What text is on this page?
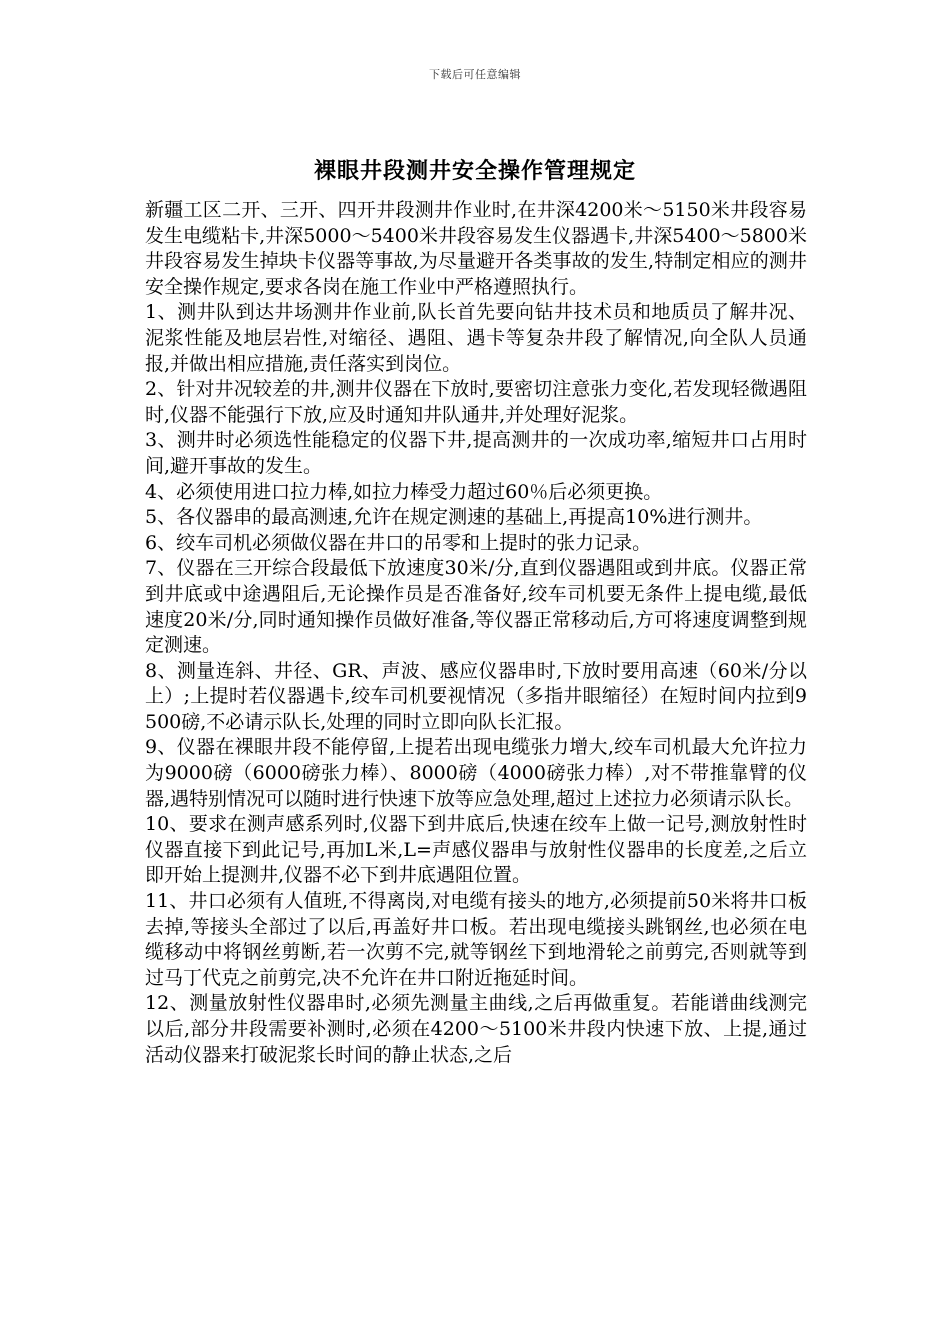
下载后可任意编辑
裸眼井段测井安全操作管理规定

新疆工区二开、三开、四开井段测井作业时,在井深4200米～5150米井段容易发生电缆粘卡,井深5000～5400米井段容易发生仪器遇卡,井深5400～5800米井段容易发生掉块卡仪器等事故,为尽量避开各类事故的发生,特制定相应的测井安全操作规定,要求各岗在施工作业中严格遵照执行。

1、测井队到达井场测井作业前,队长首先要向钻井技术员和地质员了解井况、泥浆性能及地层岩性,对缩径、遇阻、遇卡等复杂井段了解情况,向全队人员通报,并做出相应措施,责任落实到岗位。

2、针对井况较差的井,测井仪器在下放时,要密切注意张力变化,若发现轻微遇阻时,仪器不能强行下放,应及时通知井队通井,并处理好泥浆。

3、测井时必须选性能稳定的仪器下井,提高测井的一次成功率,缩短井口占用时间,避开事故的发生。

4、必须使用进口拉力棒,如拉力棒受力超过60％后必须更换。

5、各仪器串的最高测速,允许在规定测速的基础上,再提高10%进行测井。

6、绞车司机必须做仪器在井口的吊零和上提时的张力记录。

7、仪器在三开综合段最低下放速度30米/分,直到仪器遇阻或到井底。仪器正常到井底或中途遇阻后,无论操作员是否准备好,绞车司机要无条件上提电缆,最低速度20米/分,同时通知操作员做好准备,等仪器正常移动后,方可将速度调整到规定测速。

8、测量连斜、井径、GR、声波、感应仪器串时,下放时要用高速（60米/分以上）;上提时若仪器遇卡,绞车司机要视情况（多指井眼缩径）在短时间内拉到9500磅,不必请示队长,处理的同时立即向队长汇报。

9、仪器在裸眼井段不能停留,上提若出现电缆张力增大,绞车司机最大允许拉力为9000磅（6000磅张力棒）、8000磅（4000磅张力棒）,对不带推靠臂的仪器,遇特别情况可以随时进行快速下放等应急处理,超过上述拉力必须请示队长。

10、要求在测声感系列时,仪器下到井底后,快速在绞车上做一记号,测放射性时仪器直接下到此记号,再加L米,L=声感仪器串与放射性仪器串的长度差,之后立即开始上提测井,仪器不必下到井底遇阻位置。

11、井口必须有人值班,不得离岗,对电缆有接头的地方,必须提前50米将井口板去掉,等接头全部过了以后,再盖好井口板。若出现电缆接头跳钢丝,也必须在电缆移动中将钢丝剪断,若一次剪不完,就等钢丝下到地滑轮之前剪完,否则就等到过马丁代克之前剪完,决不允许在井口附近拖延时间。

12、测量放射性仪器串时,必须先测量主曲线,之后再做重复。若能谱曲线测完以后,部分井段需要补测时,必须在4200～5100米井段内快速下放、上提,通过活动仪器来打破泥浆长时间的静止状态,之后
